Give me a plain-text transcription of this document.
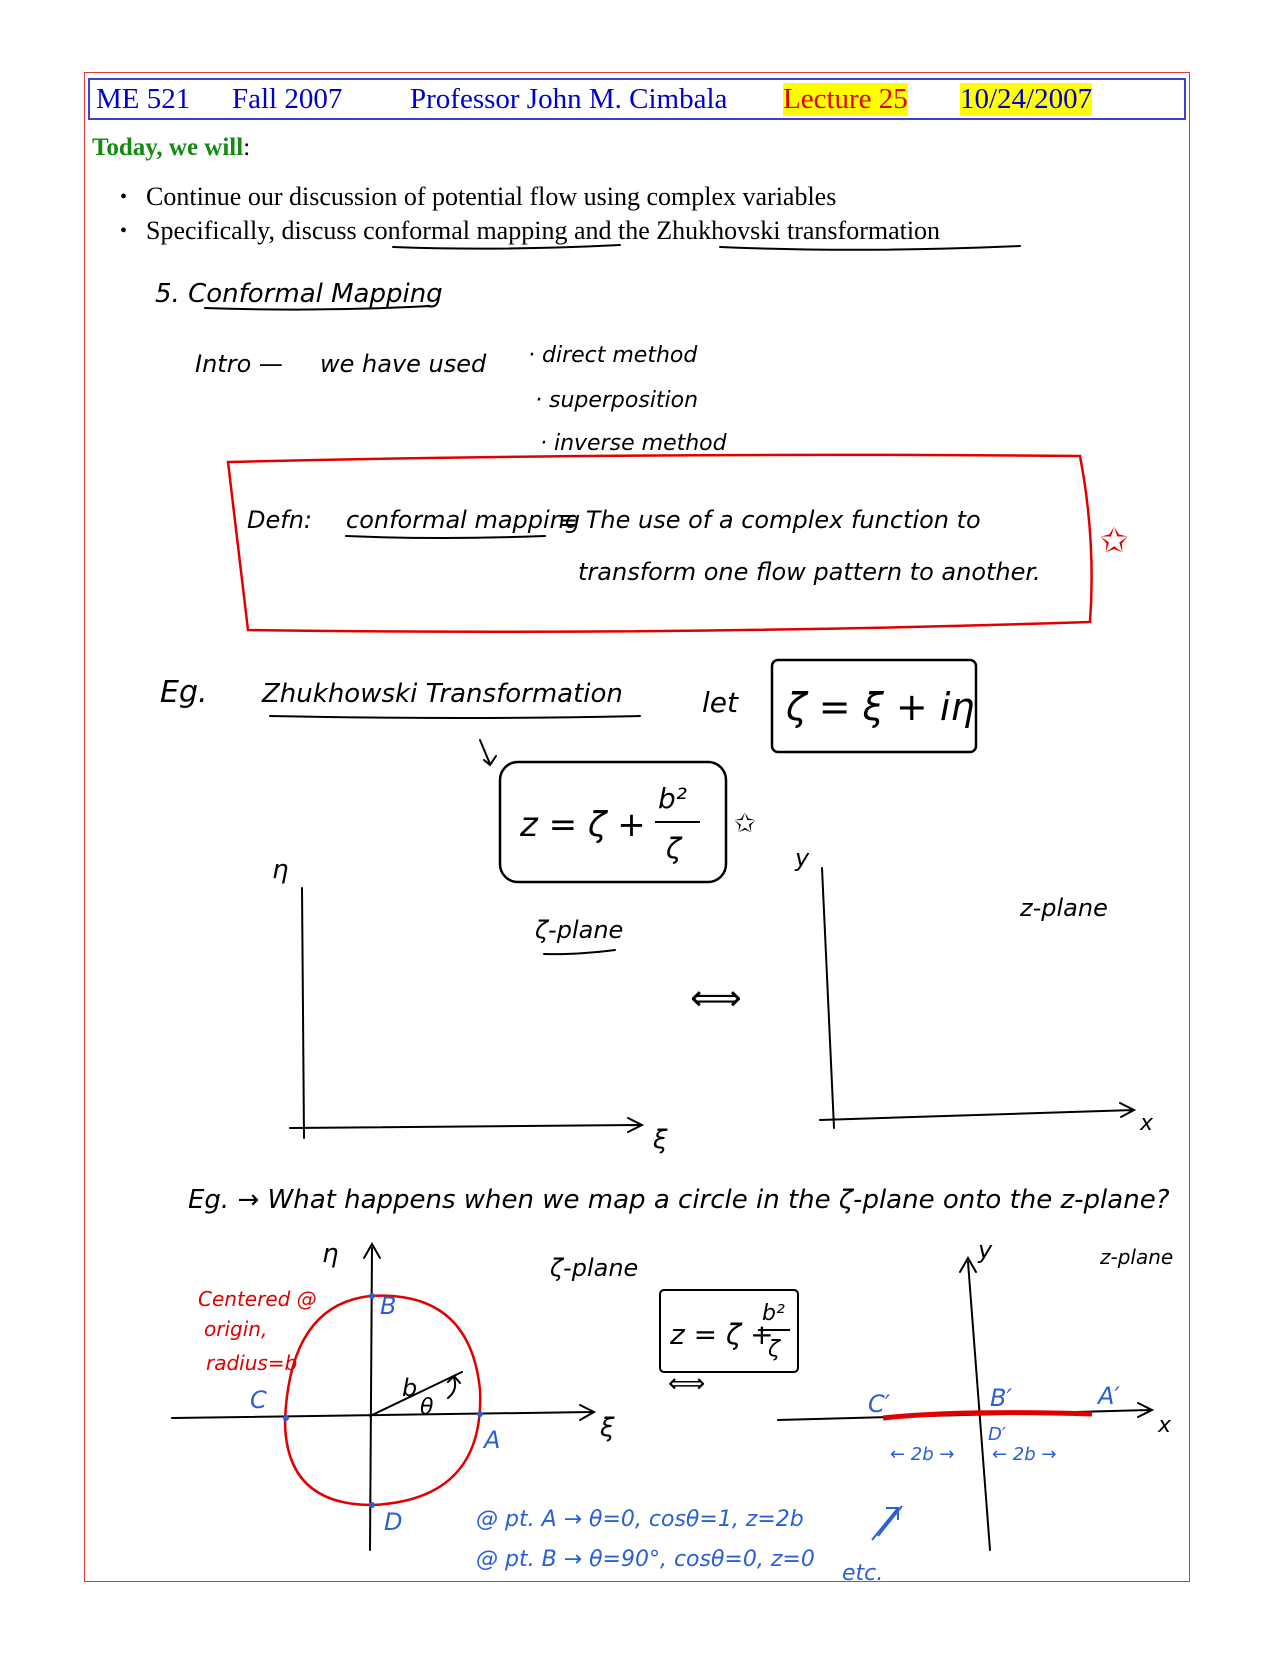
ME 521 Fall 2007 Professor John M. Cimbala Lecture 25 10/24/2007
Today, we will:
• Continue our discussion of potential flow using complex variables
• Specifically, discuss conformal mapping and the Zhukhovski transformation
5. Conformal Mapping
Intro — we have used · direct method
· superposition
· inverse method
Defn: conformal mapping
≡ The use of a complex function to
transform one flow pattern to another.
✩
Eg. Zhukhowski Transformation	let ζ = ξ + iη
z = ζ +
b²
ζ
✩
η	y
ζ-plane
z-plane
⟺
ξ
x
Eg. → What happens when we map a circle in the ζ-plane onto the z-plane?
η	ζ-plane	z-plane
y
ξ	x
z = ζ +
b²
ζ
⟺
b
θ
Centered @
origin,
radius=b
B
A
C
D
C′	B′
D′
A′
← 2b → ← 2b →
@ pt. A → θ=0, cosθ=1, z=2b
@ pt. B → θ=90°, cosθ=0, z=0
etc.
